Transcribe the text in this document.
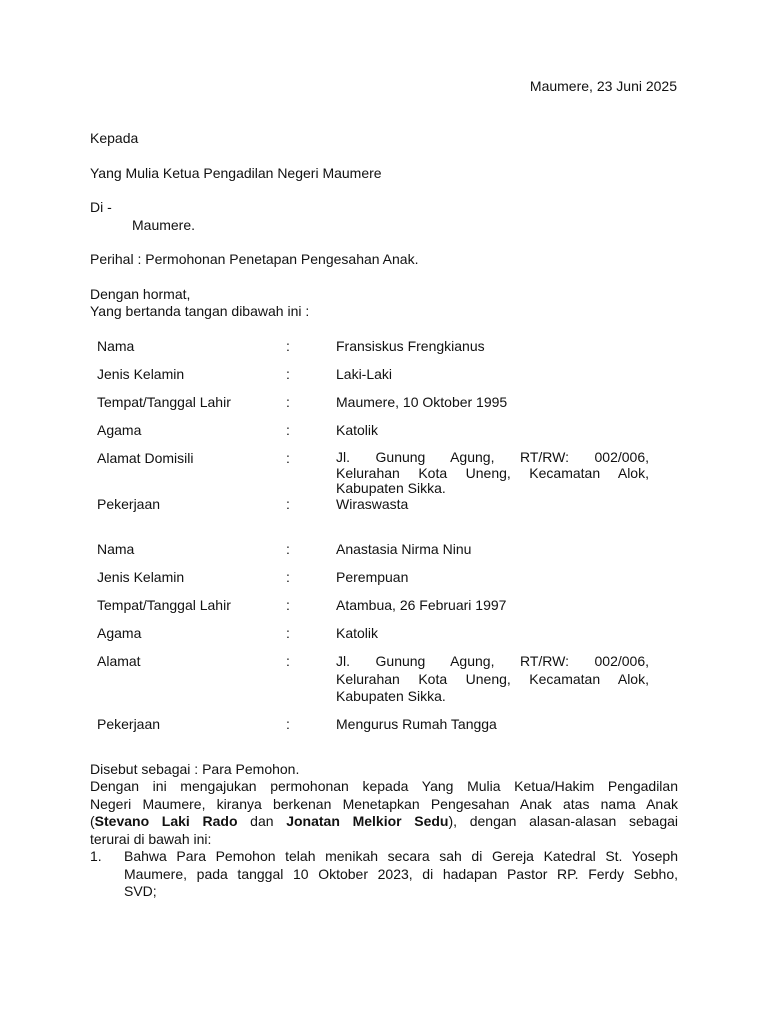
Maumere, 23 Juni 2025
Kepada
Yang Mulia Ketua Pengadilan Negeri Maumere
Di -
Maumere.
Perihal : Permohonan Penetapan Pengesahan Anak.
Dengan hormat,
Yang bertanda tangan dibawah ini :
Nama	:	Fransiskus Frengkianus
Jenis Kelamin	:	Laki-Laki
Tempat/Tanggal Lahir	:	Maumere, 10 Oktober 1995
Agama	:	Katolik
Alamat Domisili	:	Jl. Gunung Agung, RT/RW: 002/006,
Kelurahan Kota Uneng, Kecamatan Alok,
Kabupaten Sikka.
Pekerjaan	:	Wiraswasta
Nama	:	Anastasia Nirma Ninu
Jenis Kelamin	:	Perempuan
Tempat/Tanggal Lahir	:	Atambua, 26 Februari 1997
Agama	:	Katolik
Alamat	:	Jl. Gunung Agung, RT/RW: 002/006,
Kelurahan Kota Uneng, Kecamatan Alok,
Kabupaten Sikka.
Pekerjaan	:	Mengurus Rumah Tangga
Disebut sebagai : Para Pemohon.
Dengan ini mengajukan permohonan kepada Yang Mulia Ketua/Hakim Pengadilan
Negeri Maumere, kiranya berkenan Menetapkan Pengesahan Anak atas nama Anak
(Stevano Laki Rado dan Jonatan Melkior Sedu), dengan alasan-alasan sebagai
terurai di bawah ini:
1. Bahwa Para Pemohon telah menikah secara sah di Gereja Katedral St. Yoseph
Maumere, pada tanggal 10 Oktober 2023, di hadapan Pastor RP. Ferdy Sebho,
SVD;
